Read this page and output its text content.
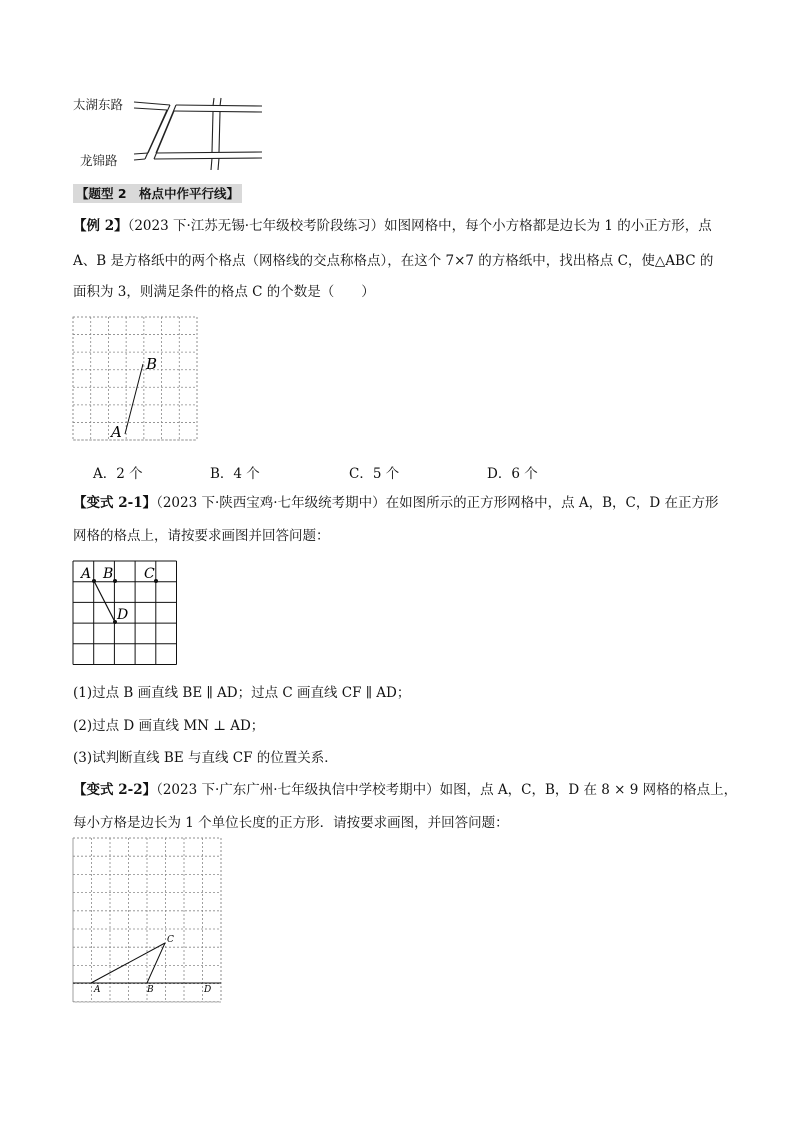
太湖东路
龙锦路
【题型 2　格点中作平行线】
【例 2】（2023 下·江苏无锡·七年级校考阶段练习）如图网格中，每个小方格都是边长为 1 的小正方形，点
A、B 是方格纸中的两个格点（网格线的交点称格点），在这个 7×7 的方格纸中，找出格点 C，使△ABC 的
面积为 3，则满足条件的格点 C 的个数是（　　）
A
B
A．2 个	B．4 个	C．5 个	D．6 个
【变式 2-1】（2023 下·陕西宝鸡·七年级统考期中）在如图所示的正方形网格中，点 A，B，C，D 在正方形
网格的格点上，请按要求画图并回答问题：
A B C
D
(1)过点 B 画直线 BE ∥ AD；过点 C 画直线 CF ∥ AD；
(2)过点 D 画直线 MN ⊥ AD；
(3)试判断直线 BE 与直线 CF 的位置关系．
【变式 2-2】（2023 下·广东广州·七年级执信中学校考期中）如图，点 A，C，B，D 在 8 × 9 网格的格点上，
每小方格是边长为 1 个单位长度的正方形．请按要求画图，并回答问题：
C
A	B	D
